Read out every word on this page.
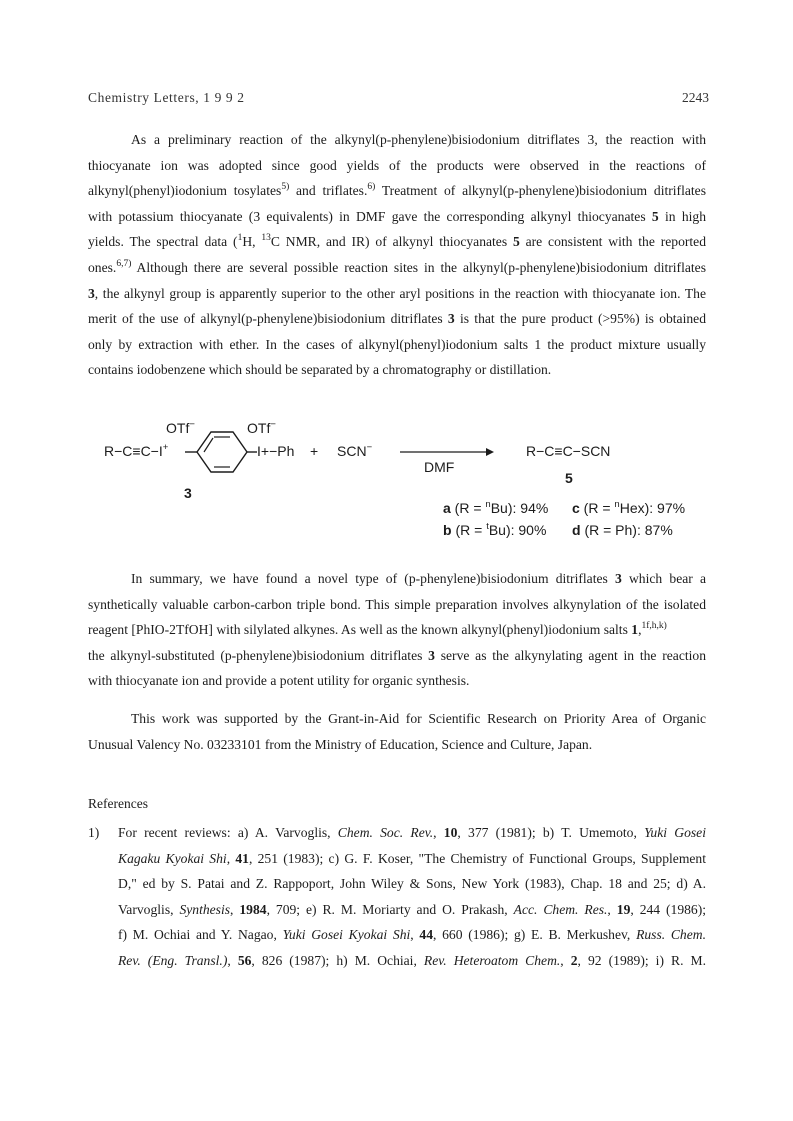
Chemistry Letters, 1 9 9 2	2243
As a preliminary reaction of the alkynyl(p-phenylene)bisiodonium ditriflates 3, the reaction with
thiocyanate ion was adopted since good yields of the products were observed in the reactions of
alkynyl(phenyl)iodonium tosylates$^{5)}$ and triflates.$^{6)}$ Treatment of alkynyl(p-phenylene)bisiodonium ditriflates
with potassium thiocyanate (3 equivalents) in DMF gave the corresponding alkynyl thiocyanates 5 in high
yields. The spectral data ($^1$H, $^{13}$C NMR, and IR) of alkynyl thiocyanates 5 are consistent with the reported
ones.$^{6,7)}$ Although there are several possible reaction sites in the alkynyl(p-phenylene)bisiodonium ditriflates
3, the alkynyl group is apparently superior to the other aryl positions in the reaction with thiocyanate ion. The
merit of the use of alkynyl(p-phenylene)bisiodonium ditriflates 3 is that the pure product (>95%) is obtained
only by extraction with ether. In the cases of alkynyl(phenyl)iodonium salts 1 the product mixture usually
contains iodobenzene which should be separated by a chromatography or distillation.
OTf−	OTf−
R−C≡C−I+	I+−Ph + SCN−
DMF
R−C≡C−SCN
3
5
a (R = $^n$Bu): 94% c (R = $^n$Hex): 97%
b (R = $^t$Bu): 90% d (R = Ph): 87%
In summary, we have found a novel type of (p-phenylene)bisiodonium ditriflates 3 which bear a
synthetically valuable carbon-carbon triple bond. This simple preparation involves alkynylation of the isolated
reagent [PhIO-2TfOH] with silylated alkynes. As well as the known alkynyl(phenyl)iodonium salts 1,$^{1f,h,k)}$
the alkynyl-substituted (p-phenylene)bisiodonium ditriflates 3 serve as the alkynylating agent in the reaction
with thiocyanate ion and provide a potent utility for organic synthesis.
This work was supported by the Grant-in-Aid for Scientific Research on Priority Area of Organic
Unusual Valency No. 03233101 from the Ministry of Education, Science and Culture, Japan.
References
1) For recent reviews: a) A. Varvoglis, Chem. Soc. Rev., 10, 377 (1981); b) T. Umemoto, Yuki Gosei
Kagaku Kyokai Shi, 41, 251 (1983); c) G. F. Koser, "The Chemistry of Functional Groups, Supplement
D," ed by S. Patai and Z. Rappoport, John Wiley & Sons, New York (1983), Chap. 18 and 25; d) A.
Varvoglis, Synthesis, 1984, 709; e) R. M. Moriarty and O. Prakash, Acc. Chem. Res., 19, 244 (1986);
f) M. Ochiai and Y. Nagao, Yuki Gosei Kyokai Shi, 44, 660 (1986); g) E. B. Merkushev, Russ. Chem.
Rev. (Eng. Transl.), 56, 826 (1987); h) M. Ochiai, Rev. Heteroatom Chem., 2, 92 (1989); i) R. M.
